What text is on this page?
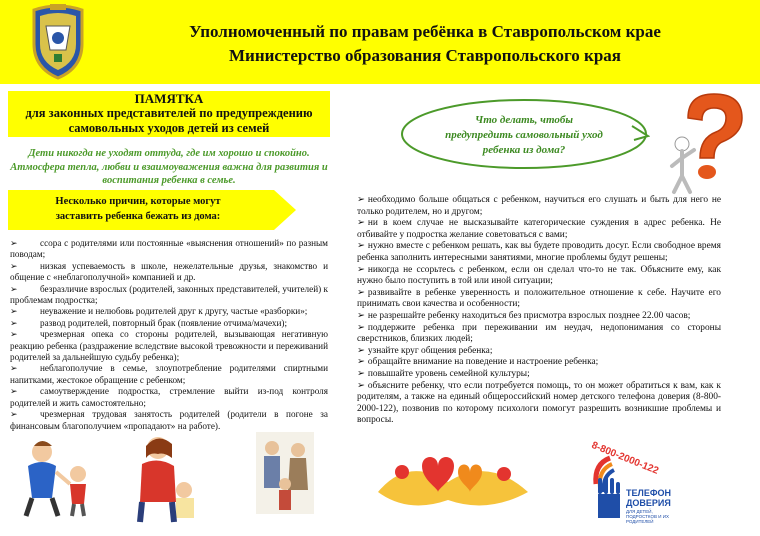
Уполномоченный по правам ребёнка в Ставропольском крае
Министерство образования Ставропольского края
ПАМЯТКА
для законных представителей по предупреждению
самовольных уходов детей из семей
Дети никогда не уходят оттуда, где им хорошо и спокойно.
Атмосфера тепла, любви и взаимоуважения важна для развития и
воспитания ребенка в семье.
Несколько причин, которые могут
заставить ребенка бежать из дома:
➢ ссора с родителями или постоянные «выяснения отношений» по разным поводам;
➢ низкая успеваемость в школе, нежелательные друзья, знакомство и общение с «неблагополучной» компанией и др.
➢ безразличие взрослых (родителей, законных представителей, учителей) к проблемам подростка;
➢ неуважение и нелюбовь родителей друг к другу, частые «разборки»;
➢ развод родителей, повторный брак (появление отчима/мачехи);
➢ чрезмерная опека со стороны родителей, вызывающая негативную реакцию ребенка (раздражение вследствие высокой тревожности и переживаний родителей за дальнейшую судьбу ребенка);
➢ неблагополучие в семье, злоупотребление родителями спиртными напитками, жестокое обращение с ребенком;
➢ самоутверждение подростка, стремление выйти из-под контроля родителей и жить самостоятельно;
➢ чрезмерная трудовая занятость родителей (родители в погоне за финансовым благополучием «пропадают» на работе).
Что делать, чтобы
предупредить самовольный уход
ребенка из дома?
➢ необходимо больше общаться с ребенком, научиться его слушать и быть для него не только родителем, но и другом;
➢ ни в коем случае не высказывайте категорические суждения в адрес ребенка. Не отбивайте у подростка желание советоваться с вами;
➢ нужно вместе с ребенком решать, как вы будете проводить досуг. Если свободное время ребенка заполнить интересными занятиями, многие проблемы будут решены;
➢ никогда не ссорьтесь с ребенком, если он сделал что-то не так. Объясните ему, как нужно было поступить в той или иной ситуации;
➢ развивайте в ребенке уверенность и положительное отношение к себе. Научите его принимать свои качества и особенности;
➢ не разрешайте ребенку находиться без присмотра взрослых позднее 22.00 часов;
➢ поддержите ребенка при переживании им неудач, недопонимания со стороны сверстников, близких людей;
➢ узнайте круг общения ребенка;
➢ обращайте внимание на поведение и настроение ребенка;
➢ повышайте уровень семейной культуры;
➢ объясните ребенку, что если потребуется помощь, то он может обратиться к вам, как к родителям, а также на единый общероссийский номер детского телефона доверия (8-800-2000-122), позвонив по которому психологи помогут разрешить возникшие проблемы и вопросы.
8-800-2000-122
ТЕЛЕФОН
ДОВЕРИЯ
ДЛЯ ДЕТЕЙ, ПОДРОСТКОВ И ИХ РОДИТЕЛЕЙ
